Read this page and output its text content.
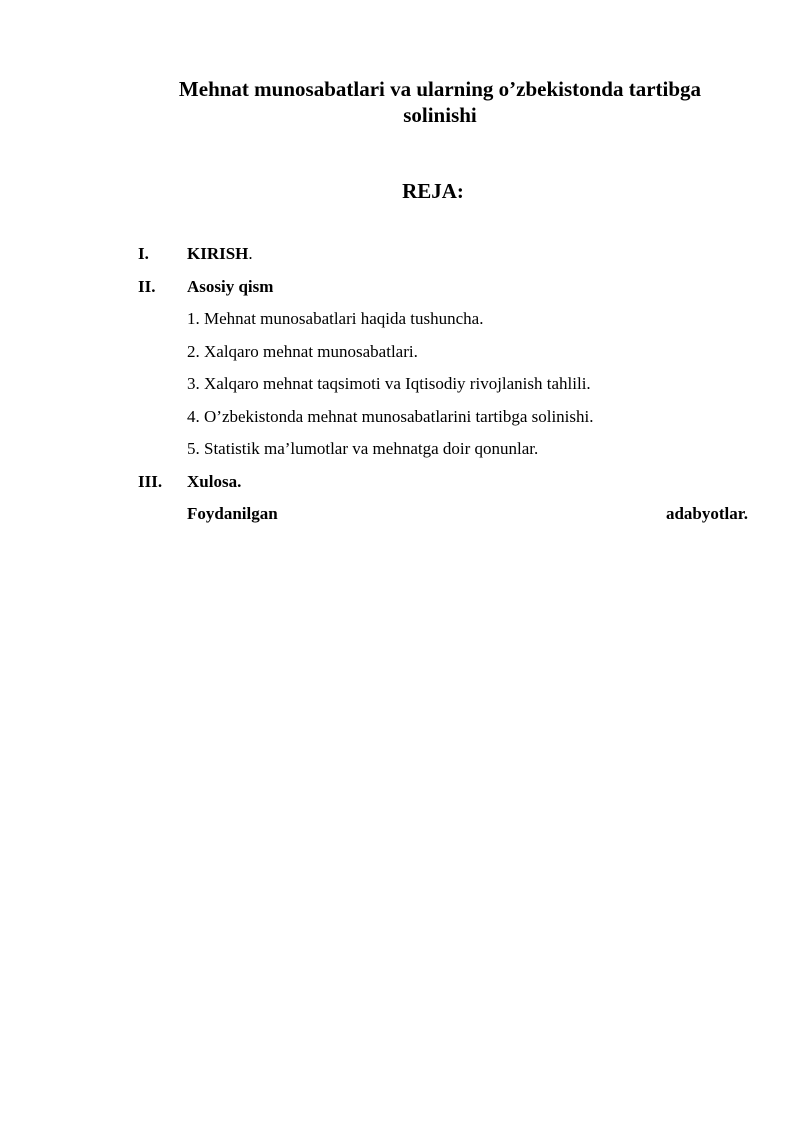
Mehnat munosabatlari va ularning o’zbekistonda tartibga solinishi
REJA:
I. KIRISH.
II. Asosiy qism
1. Mehnat munosabatlari haqida tushuncha.
2. Xalqaro mehnat munosabatlari.
3. Xalqaro mehnat taqsimoti va Iqtisodiy rivojlanish tahlili.
4. O’zbekistonda mehnat munosabatlarini tartibga solinishi.
5. Statistik ma’lumotlar va mehnatga doir qonunlar.
III. Xulosa.
Foydanilgan	adabyotlar.
